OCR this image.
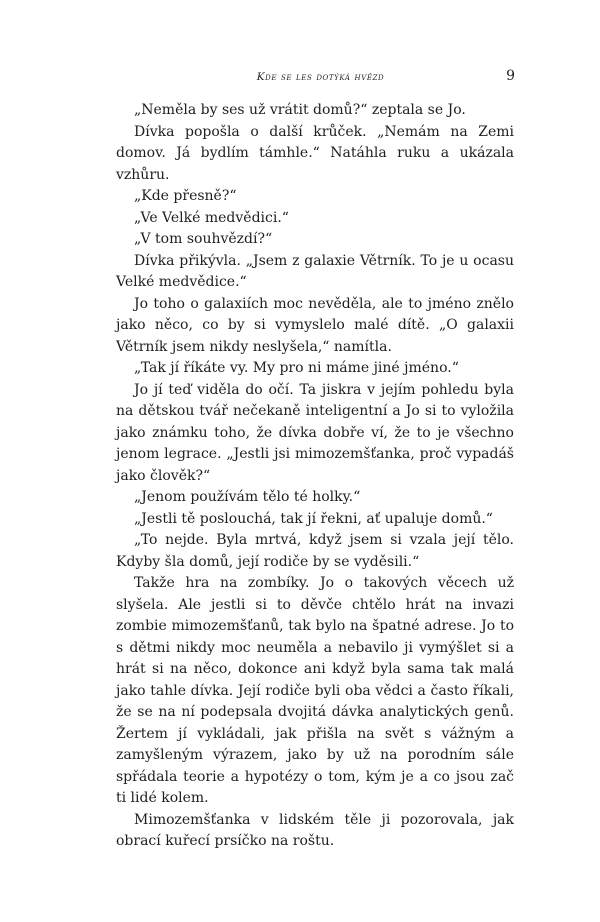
Kde se les dotýká hvězd	9

„Neměla by ses už vrátit domů?“ zeptala se Jo.

Dívka popošla o další krůček. „Nemám na Zemi domov. Já bydlím támhle.“ Natáhla ruku a ukázala vzhůru.

„Kde přesně?“

„Ve Velké medvědici.“

„V tom souhvězdí?“

Dívka přikývla. „Jsem z galaxie Větrník. To je u ocasu Velké medvědice.“

Jo toho o galaxiích moc nevěděla, ale to jméno znělo jako něco, co by si vymyslelo malé dítě. „O galaxii Větrník jsem nikdy neslyšela,“ namítla.

„Tak jí říkáte vy. My pro ni máme jiné jméno.“

Jo jí teď viděla do očí. Ta jiskra v jejím pohledu byla na dětskou tvář nečekaně inteligentní a Jo si to vyložila jako známku toho, že dívka dobře ví, že to je všechno jenom legrace. „Jestli jsi mimozemšťanka, proč vypadáš jako člověk?“

„Jenom používám tělo té holky.“

„Jestli tě poslouchá, tak jí řekni, ať upaluje domů.“

„To nejde. Byla mrtvá, když jsem si vzala její tělo. Kdyby šla domů, její rodiče by se vyděsili.“

Takže hra na zombíky. Jo o takových věcech už slyšela. Ale jestli si to děvče chtělo hrát na invazi zombie mimozemšťanů, tak bylo na špatné adrese. Jo to s dětmi nikdy moc neuměla a nebavilo ji vymýšlet si a hrát si na něco, dokonce ani když byla sama tak malá jako tahle dívka. Její rodiče byli oba vědci a často říkali, že se na ní podepsala dvojitá dávka analytických genů. Žertem jí vykládali, jak přišla na svět s vážným a zamyšleným výrazem, jako by už na porodním sále spřádala teorie a hypotézy o tom, kým je a co jsou zač ti lidé kolem.

Mimozemšťanka v lidském těle ji pozorovala, jak obrací kuřecí prsíčko na roštu.
